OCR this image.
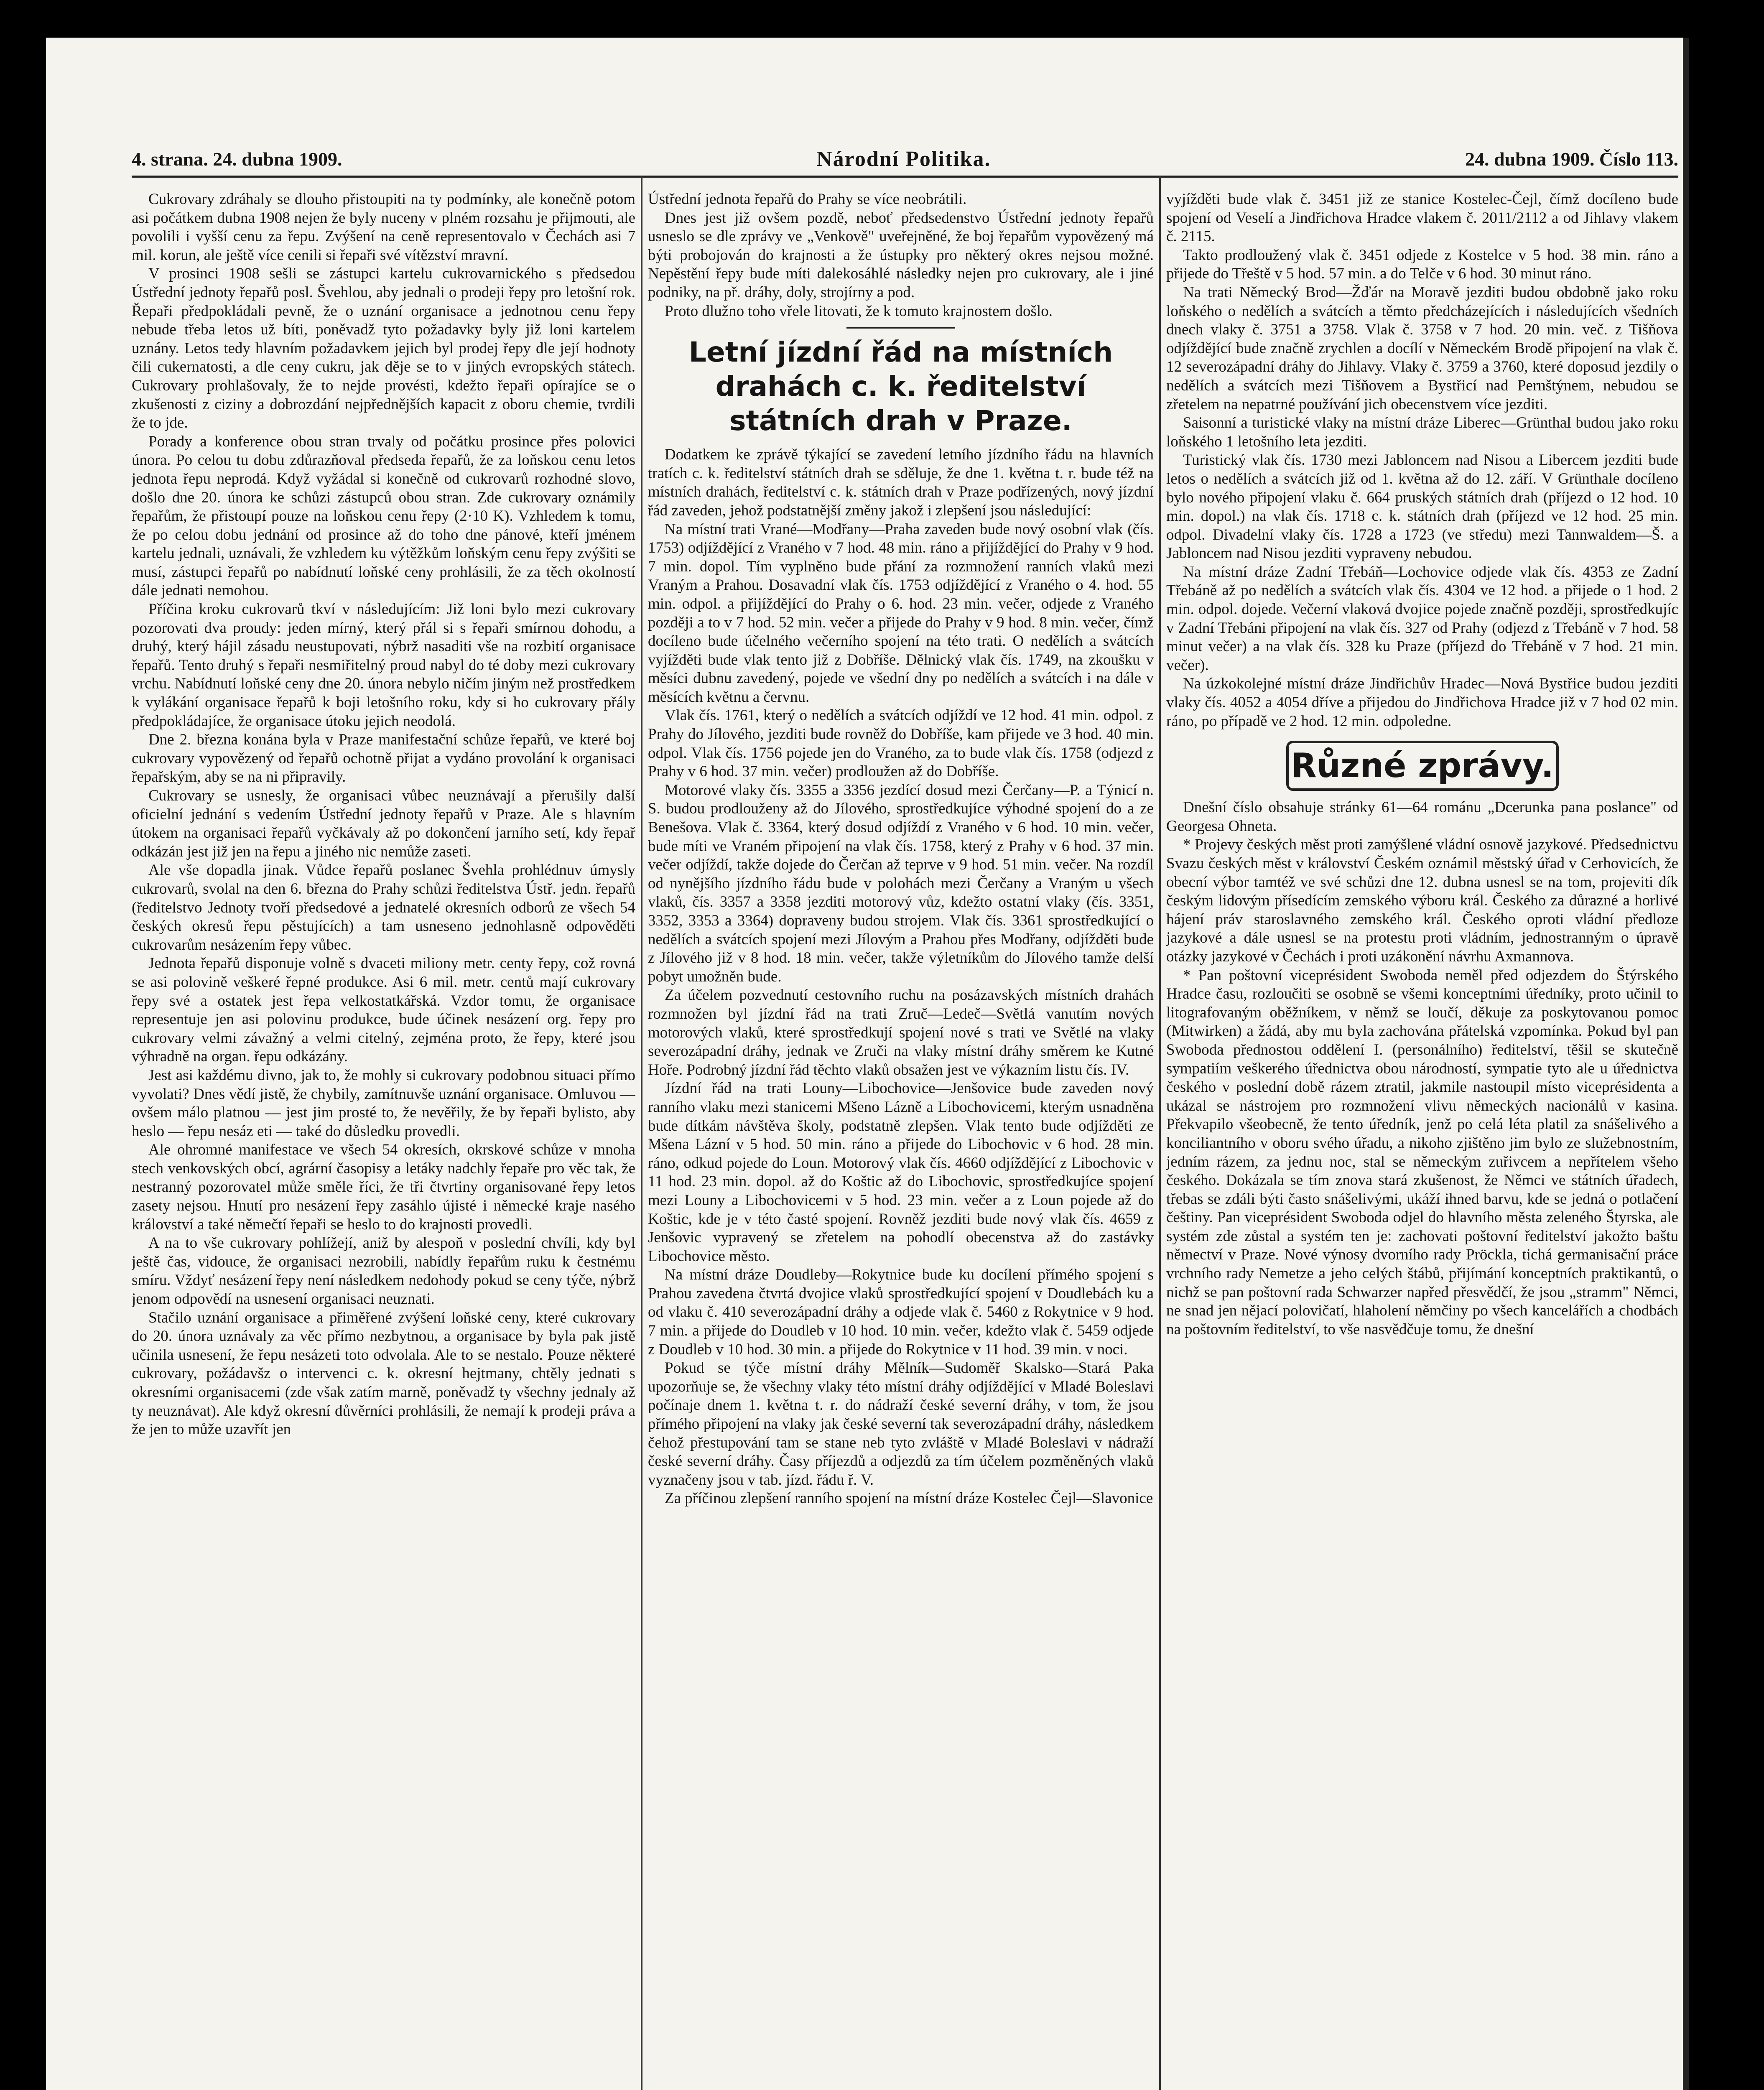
4. strana. 24. dubna 1909.	Národní Politika.	24. dubna 1909. Číslo 113.

Cukrovary zdráhaly se dlouho přistoupiti na ty podmínky, ale konečně potom asi počátkem dubna 1908 nejen že byly nuceny v plném rozsahu je přijmouti, ale povolili i vyšší cenu za řepu. Zvýšení na ceně representovalo v Čechách asi 7 mil. korun, ale ještě více cenili si řepaři své vítězství mravní.

V prosinci 1908 sešli se zástupci kartelu cukrovarnického s předsedou Ústřední jednoty řepařů posl. Švehlou, aby jednali o prodeji řepy pro letošní rok. Řepaři předpokládali pevně, že o uznání organisace a jednotnou cenu řepy nebude třeba letos už bíti, poněvadž tyto požadavky byly již loni kartelem uznány. Letos tedy hlavním požadavkem jejich byl prodej řepy dle její hodnoty čili cukernatosti, a dle ceny cukru, jak děje se to v jiných evropských státech. Cukrovary prohlašovaly, že to nejde provésti, kdežto řepaři opírajíce se o zkušenosti z ciziny a dobrozdání nejpřednějších kapacit z oboru chemie, tvrdili že to jde.

Porady a konference obou stran trvaly od počátku prosince přes polovici února. Po celou tu dobu zdůrazňoval předseda řepařů, že za loňskou cenu letos jednota řepu neprodá. Když vyžádal si konečně od cukrovarů rozhodné slovo, došlo dne 20. února ke schůzi zástupců obou stran. Zde cukrovary oznámily řepařům, že přistoupí pouze na loňskou cenu řepy (2·10 K). Vzhledem k tomu, že po celou dobu jednání od prosince až do toho dne pánové, kteří jménem kartelu jednali, uznávali, že vzhledem ku výtěžkům loňským cenu řepy zvýšiti se musí, zástupci řepařů po nabídnutí loňské ceny prohlásili, že za těch okolností dále jednati nemohou.

Příčina kroku cukrovarů tkví v následujícím: Již loni bylo mezi cukrovary pozorovati dva proudy: jeden mírný, který přál si s řepaři smírnou dohodu, a druhý, který hájil zásadu neustupovati, nýbrž nasaditi vše na rozbití organisace řepařů. Tento druhý s řepaři nesmiřitelný proud nabyl do té doby mezi cukrovary vrchu. Nabídnutí loňské ceny dne 20. února nebylo ničím jiným než prostředkem k vylákání organisace řepařů k boji letošního roku, kdy si ho cukrovary přály předpokládajíce, že organisace útoku jejich neodolá.

Dne 2. března konána byla v Praze manifestační schůze řepařů, ve které boj cukrovary vypovězený od řepařů ochotně přijat a vydáno provolání k organisaci řepařským, aby se na ni připravily.

Cukrovary se usnesly, že organisaci vůbec neuznávají a přerušily další oficielní jednání s vedením Ústřední jednoty řepařů v Praze. Ale s hlavním útokem na organisaci řepařů vyčkávaly až po dokončení jarního setí, kdy řepař odkázán jest již jen na řepu a jiného nic nemůže zaseti.

Ale vše dopadla jinak. Vůdce řepařů poslanec Švehla prohlédnuv úmysly cukrovarů, svolal na den 6. března do Prahy schůzi ředitelstva Ústř. jedn. řepařů (ředitelstvo Jednoty tvoří předsedové a jednatelé okresních odborů ze všech 54 českých okresů řepu pěstujících) a tam usneseno jednohlasně odpověděti cukrovarům nesázením řepy vůbec.

Jednota řepařů disponuje volně s dvaceti miliony metr. centy řepy, což rovná se asi polovině veškeré řepné produkce. Asi 6 mil. metr. centů mají cukrovary řepy své a ostatek jest řepa velkostatkářská. Vzdor tomu, že organisace representuje jen asi polovinu produkce, bude účinek nesázení org. řepy pro cukrovary velmi závažný a velmi citelný, zejména proto, že řepy, které jsou výhradně na organ. řepu odkázány.

Jest asi každému divno, jak to, že mohly si cukrovary podobnou situaci přímo vyvolati? Dnes vědí jistě, že chybily, zamítnuvše uznání organisace. Omluvou — ovšem málo platnou — jest jim prosté to, že nevěřily, že by řepaři bylisto, aby heslo — řepu nesáz eti — také do důsledku provedli.

Ale ohromné manifestace ve všech 54 okresích, okrskové schůze v mnoha stech venkovských obcí, agrární časopisy a letáky nadchly řepaře pro věc tak, že nestranný pozorovatel může směle říci, že tři čtvrtiny organisované řepy letos zasety nejsou. Hnutí pro nesázení řepy zasáhlo újisté i německé kraje nasého království a také němečtí řepaři se heslo to do krajnosti provedli.

A na to vše cukrovary pohlížejí, aniž by alespoň v poslední chvíli, kdy byl ještě čas, vidouce, že organisaci nezrobili, nabídly řepařům ruku k čestnému smíru. Vždyť nesázení řepy není následkem nedohody pokud se ceny týče, nýbrž jenom odpovědí na usnesení organisaci neuznati.

Stačilo uznání organisace a přiměřené zvýšení loňské ceny, které cukrovary do 20. února uznávaly za věc přímo nezbytnou, a organisace by byla pak jistě učinila usnesení, že řepu nesázeti toto odvolala. Ale to se nestalo. Pouze některé cukrovary, požádavšz o intervenci c. k. okresní hejtmany, chtěly jednati s okresními organisacemi (zde však zatím marně, poněvadž ty všechny jednaly až ty neuznávat). Ale když okresní důvěrníci prohlásili, že nemají k prodeji práva a že jen to může uzavřít jen

Ústřední jednota řepařů do Prahy se více neobrátili.

Dnes jest již ovšem pozdě, neboť předsedenstvo Ústřední jednoty řepařů usneslo se dle zprávy ve „Venkově" uveřejněné, že boj řepařům vypovězený má býti probojován do krajnosti a že ústupky pro některý okres nejsou možné. Nepěstění řepy bude míti dalekosáhlé následky nejen pro cukrovary, ale i jiné podniky, na př. dráhy, doly, strojírny a pod.

Proto dlužno toho vřele litovati, že k tomuto krajnostem došlo.

Letní jízdní řád na místních drahách c. k. ředitelství státních drah v Praze.

Dodatkem ke zprávě týkající se zavedení letního jízdního řádu na hlavních tratích c. k. ředitelství státních drah se sděluje, že dne 1. května t. r. bude též na místních drahách, ředitelství c. k. státních drah v Praze podřízených, nový jízdní řád zaveden, jehož podstatnější změny jakož i zlepšení jsou následující:

Na místní trati Vrané—Modřany—Praha zaveden bude nový osobní vlak (čís. 1753) odjíždějící z Vraného v 7 hod. 48 min. ráno a přijíždějící do Prahy v 9 hod. 7 min. dopol. Tím vyplněno bude přání za rozmnožení ranních vlaků mezi Vraným a Prahou. Dosavadní vlak čís. 1753 odjíždějící z Vraného o 4. hod. 55 min. odpol. a přijíždějící do Prahy o 6. hod. 23 min. večer, odjede z Vraného později a to v 7 hod. 52 min. večer a přijede do Prahy v 9 hod. 8 min. večer, čímž docíleno bude účelného večerního spojení na této trati. O nedělích a svátcích vyjížděti bude vlak tento již z Dobříše. Dělnický vlak čís. 1749, na zkoušku v měsíci dubnu zavedený, pojede ve všední dny po nedělích a svátcích i na dále v měsících květnu a červnu.

Vlak čís. 1761, který o nedělích a svátcích odjíždí ve 12 hod. 41 min. odpol. z Prahy do Jílového, jezditi bude rovněž do Dobříše, kam přijede ve 3 hod. 40 min. odpol. Vlak čís. 1756 pojede jen do Vraného, za to bude vlak čís. 1758 (odjezd z Prahy v 6 hod. 37 min. večer) prodloužen až do Dobříše.

Motorové vlaky čís. 3355 a 3356 jezdící dosud mezi Čerčany—P. a Týnicí n. S. budou prodlouženy až do Jílového, sprostředkujíce výhodné spojení do a ze Benešova. Vlak č. 3364, který dosud odjíždí z Vraného v 6 hod. 10 min. večer, bude míti ve Vraném připojení na vlak čís. 1758, který z Prahy v 6 hod. 37 min. večer odjíždí, takže dojede do Čerčan až teprve v 9 hod. 51 min. večer. Na rozdíl od nynějšího jízdního řádu bude v polohách mezi Čerčany a Vraným u všech vlaků, čís. 3357 a 3358 jezditi motorový vůz, kdežto ostatní vlaky (čís. 3351, 3352, 3353 a 3364) dopraveny budou strojem. Vlak čís. 3361 sprostředkující o nedělích a svátcích spojení mezi Jílovým a Prahou přes Modřany, odjížděti bude z Jílového již v 8 hod. 18 min. večer, takže výletníkům do Jílového tamže delší pobyt umožněn bude.

Za účelem pozvednutí cestovního ruchu na posázavských místních drahách rozmnožen byl jízdní řád na trati Zruč—Ledeč—Světlá vanutím nových motorových vlaků, které sprostředkují spojení nové s trati ve Světlé na vlaky severozápadní dráhy, jednak ve Zruči na vlaky místní dráhy směrem ke Kutné Hoře. Podrobný jízdní řád těchto vlaků obsažen jest ve výkazním listu čís. IV.

Jízdní řád na trati Louny—Libochovice—Jenšovice bude zaveden nový ranního vlaku mezi stanicemi Mšeno Lázně a Libochovicemi, kterým usnadněna bude dítkám návštěva školy, podstatně zlepšen. Vlak tento bude odjížděti ze Mšena Lázní v 5 hod. 50 min. ráno a přijede do Libochovic v 6 hod. 28 min. ráno, odkud pojede do Loun. Motorový vlak čís. 4660 odjíždějící z Libochovic v 11 hod. 23 min. dopol. až do Koštic až do Libochovic, sprostředkujíce spojení mezi Louny a Libochovicemi v 5 hod. 23 min. večer a z Loun pojede až do Koštic, kde je v této časté spojení. Rovněž jezditi bude nový vlak čís. 4659 z Jenšovic vypravený se zřetelem na pohodlí obecenstva až do zastávky Libochovice město.

Na místní dráze Doudleby—Rokytnice bude ku docílení přímého spojení s Prahou zavedena čtvrtá dvojice vlaků sprostředkující spojení v Doudlebách ku a od vlaku č. 410 severozápadní dráhy a odjede vlak č. 5460 z Rokytnice v 9 hod. 7 min. a přijede do Doudleb v 10 hod. 10 min. večer, kdežto vlak č. 5459 odjede z Doudleb v 10 hod. 30 min. a přijede do Rokytnice v 11 hod. 39 min. v noci.

Pokud se týče místní dráhy Mělník—Sudoměř Skalsko—Stará Paka upozorňuje se, že všechny vlaky této místní dráhy odjíždějící v Mladé Boleslavi počínaje dnem 1. května t. r. do nádraží české severní dráhy, v tom, že jsou přímého připojení na vlaky jak české severní tak severozápadní dráhy, následkem čehož přestupování tam se stane neb tyto zvláště v Mladé Boleslavi v nádraží české severní dráhy. Časy příjezdů a odjezdů za tím účelem pozměněných vlaků vyznačeny jsou v tab. jízd. řádu ř. V.

Za příčinou zlepšení ranního spojení na místní dráze Kostelec Čejl—Slavonice

vyjížděti bude vlak č. 3451 již ze stanice Kostelec-Čejl, čímž docíleno bude spojení od Veselí a Jindřichova Hradce vlakem č. 2011/2112 a od Jihlavy vlakem č. 2115.

Takto prodloužený vlak č. 3451 odjede z Kostelce v 5 hod. 38 min. ráno a přijede do Třeště v 5 hod. 57 min. a do Telče v 6 hod. 30 minut ráno.

Na trati Německý Brod—Žďár na Moravě jezditi budou obdobně jako roku loňského o nedělích a svátcích a těmto předcházejících i následujících všedních dnech vlaky č. 3751 a 3758. Vlak č. 3758 v 7 hod. 20 min. več. z Tišňova odjíždějící bude značně zrychlen a docílí v Německém Brodě připojení na vlak č. 12 severozápadní dráhy do Jihlavy. Vlaky č. 3759 a 3760, které doposud jezdily o nedělích a svátcích mezi Tišňovem a Bystřicí nad Pernštýnem, nebudou se zřetelem na nepatrné používání jich obecenstvem více jezditi.

Saisonní a turistické vlaky na místní dráze Liberec—Grünthal budou jako roku loňského 1 letošního leta jezditi.

Turistický vlak čís. 1730 mezi Jabloncem nad Nisou a Libercem jezditi bude letos o nedělích a svátcích již od 1. května až do 12. září. V Grünthale docíleno bylo nového připojení vlaku č. 664 pruských státních drah (příjezd o 12 hod. 10 min. dopol.) na vlak čís. 1718 c. k. státních drah (příjezd ve 12 hod. 25 min. odpol. Divadelní vlaky čís. 1728 a 1723 (ve středu) mezi Tannwaldem—Š. a Jabloncem nad Nisou jezditi vypraveny nebudou.

Na místní dráze Zadní Třebáň—Lochovice odjede vlak čís. 4353 ze Zadní Třebáně až po nedělích a svátcích vlak čís. 4304 ve 12 hod. a přijede o 1 hod. 2 min. odpol. dojede. Večerní vlaková dvojice pojede značně později, sprostředkujíc v Zadní Třebáni připojení na vlak čís. 327 od Prahy (odjezd z Třebáně v 7 hod. 58 minut večer) a na vlak čís. 328 ku Praze (příjezd do Třebáně v 7 hod. 21 min. večer).

Na úzkokolejné místní dráze Jindřichův Hradec—Nová Bystřice budou jezditi vlaky čís. 4052 a 4054 dříve a přijedou do Jindřichova Hradce již v 7 hod 02 min. ráno, po případě ve 2 hod. 12 min. odpoledne.

Různé zprávy.

Dnešní číslo obsahuje stránky 61—64 románu „Dcerunka pana poslance" od Georgesa Ohneta.

* Projevy českých měst proti zamýšlené vládní osnově jazykové. Předsednictvu Svazu českých měst v království Českém oznámil městský úřad v Cerhovicích, že obecní výbor tamtéž ve své schůzi dne 12. dubna usnesl se na tom, projeviti dík českým lidovým přísedícím zemského výboru král. Českého za důrazné a horlivé hájení práv staroslavného zemského král. Českého oproti vládní předloze jazykové a dále usnesl se na protestu proti vládním, jednostranným o úpravě otázky jazykové v Čechách i proti uzákonění návrhu Axmannova.

* Pan poštovní viceprésident Swoboda neměl před odjezdem do Štýrského Hradce času, rozloučiti se osobně se všemi konceptními úředníky, proto učinil to litografovaným oběžníkem, v němž se loučí, děkuje za poskytovanou pomoc (Mitwirken) a žádá, aby mu byla zachována přátelská vzpomínka. Pokud byl pan Swoboda přednostou oddělení I. (personálního) ředitelství, těšil se skutečně sympatiím veškerého úřednictva obou národností, sympatie tyto ale u úřednictva českého v poslední době rázem ztratil, jakmile nastoupil místo viceprésidenta a ukázal se nástrojem pro rozmnožení vlivu německých nacionálů v kasina. Překvapilo všeobecně, že tento úředník, jenž po celá léta platil za snášelivého a konciliantního v oboru svého úřadu, a nikoho zjištěno jim bylo ze služebnostním, jedním rázem, za jednu noc, stal se německým zuřivcem a nepřítelem všeho českého. Dokázala se tím znova stará zkušenost, že Němci ve státních úřadech, třebas se zdáli býti často snášelivými, ukáží ihned barvu, kde se jedná o potlačení češtiny. Pan viceprésident Swoboda odjel do hlavního města zeleného Štyrska, ale systém zde zůstal a systém ten je: zachovati poštovní ředitelství jakožto baštu němectví v Praze. Nové výnosy dvorního rady Pröckla, tichá germanisační práce vrchního rady Nemetze a jeho celých štábů, přijímání konceptních praktikantů, o nichž se pan poštovní rada Schwarzer napřed přesvědčí, že jsou „stramm" Němci, ne snad jen nějací polovičatí, hlaholení němčiny po všech kancelářích a chodbách na poštovním ředitelství, to vše nasvědčuje tomu, že dnešní
